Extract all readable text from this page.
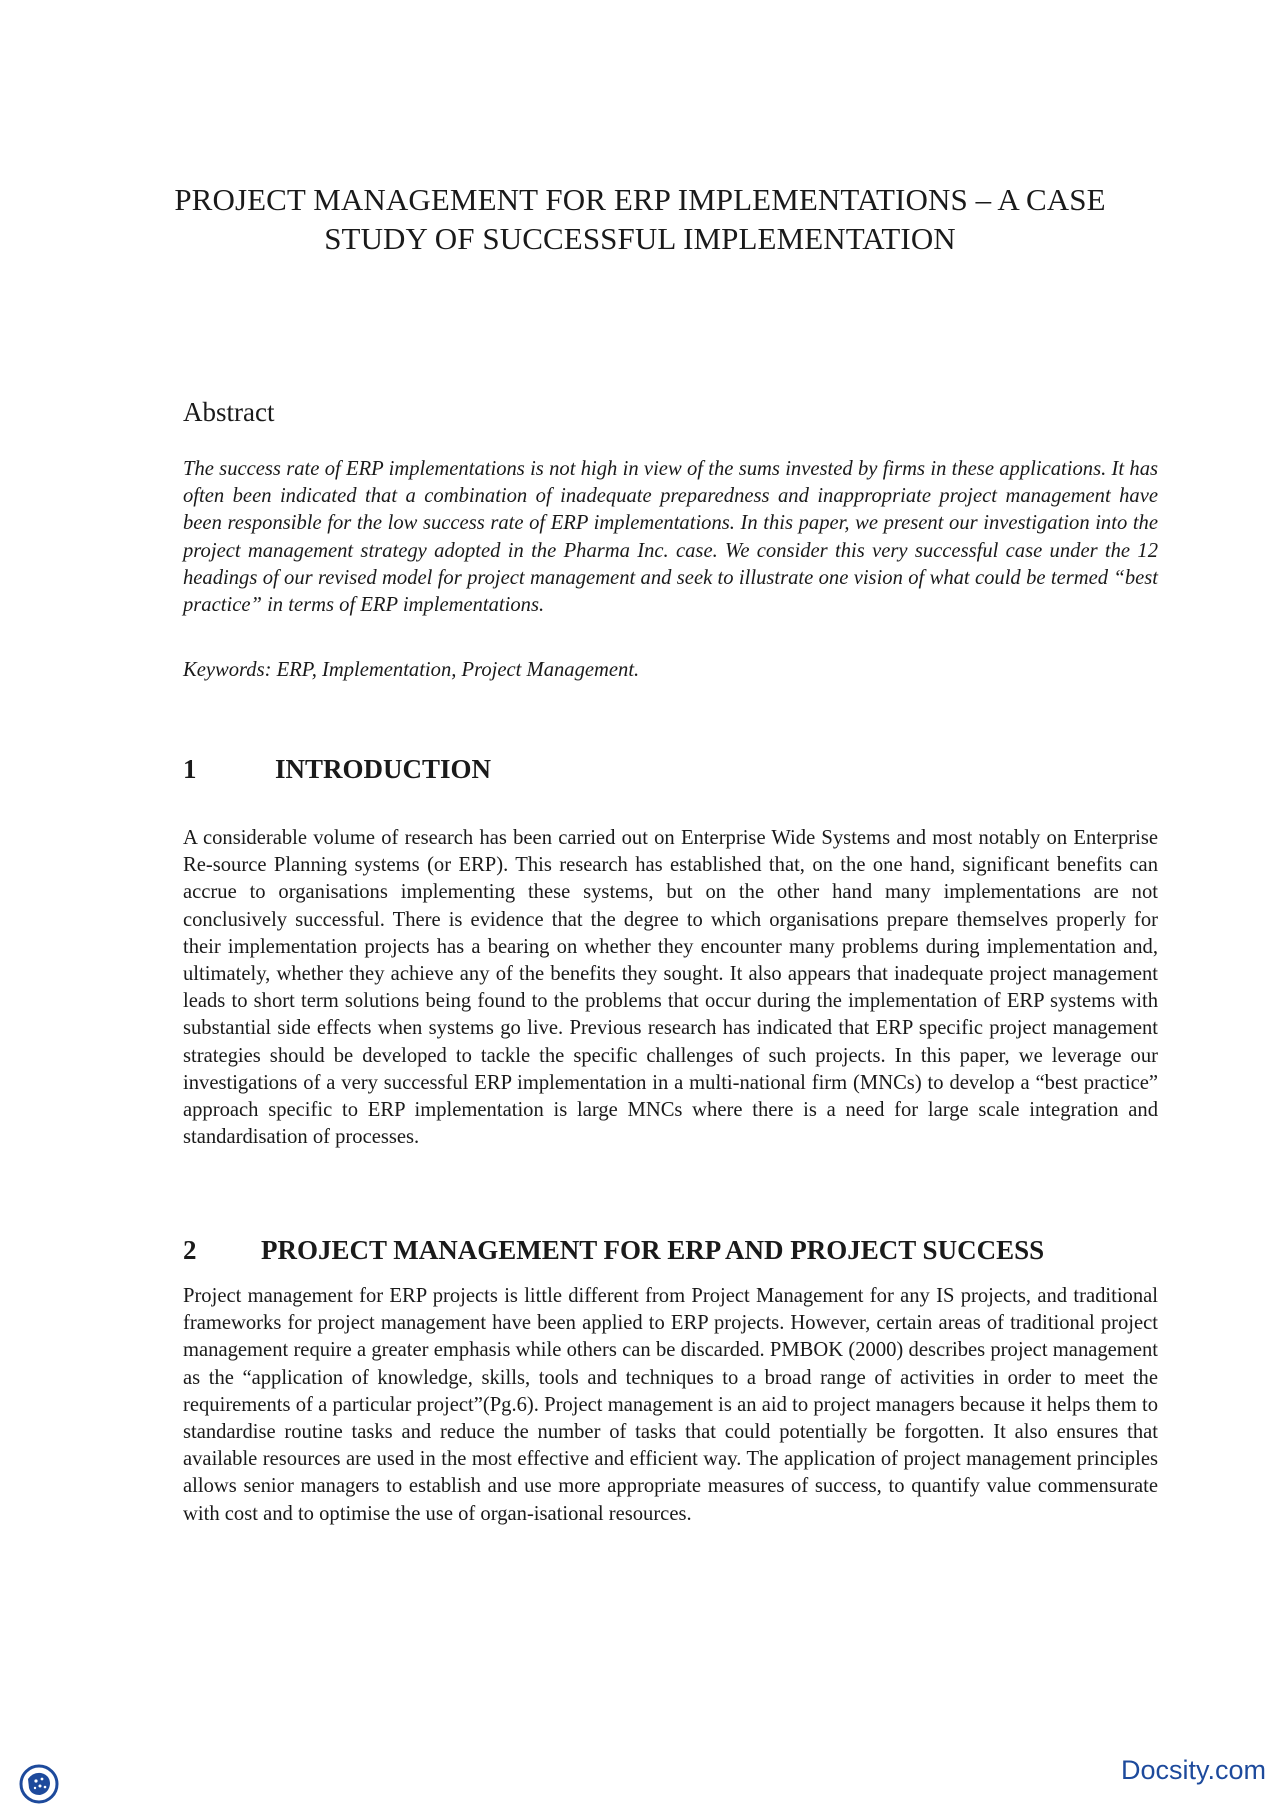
PROJECT MANAGEMENT FOR ERP IMPLEMENTATIONS – A CASE STUDY OF SUCCESSFUL IMPLEMENTATION
Abstract
The success rate of ERP implementations is not high in view of the sums invested by firms in these applications. It has often been indicated that a combination of inadequate preparedness and inappropriate project management have been responsible for the low success rate of ERP implementations. In this paper, we present our investigation into the project management strategy adopted in the Pharma Inc. case. We consider this very successful case under the 12 headings of our revised model for project management and seek to illustrate one vision of what could be termed “best practice” in terms of ERP implementations.
Keywords: ERP, Implementation, Project Management.
1	INTRODUCTION
A considerable volume of research has been carried out on Enterprise Wide Systems and most notably on Enterprise Re-source Planning systems (or ERP). This research has established that, on the one hand, significant benefits can accrue to organisations implementing these systems, but on the other hand many implementations are not conclusively successful. There is evidence that the degree to which organisations prepare themselves properly for their implementation projects has a bearing on whether they encounter many problems during implementation and, ultimately, whether they achieve any of the benefits they sought. It also appears that inadequate project management leads to short term solutions being found to the problems that occur during the implementation of ERP systems with substantial side effects when systems go live. Previous research has indicated that ERP specific project management strategies should be developed to tackle the specific challenges of such projects. In this paper, we leverage our investigations of a very successful ERP implementation in a multi-national firm (MNCs) to develop a “best practice” approach specific to ERP implementation is large MNCs where there is a need for large scale integration and standardisation of processes.
2 PROJECT MANAGEMENT FOR ERP AND PROJECT SUCCESS
Project management for ERP projects is little different from Project Management for any IS projects, and traditional frameworks for project management have been applied to ERP projects. However, certain areas of traditional project management require a greater emphasis while others can be discarded. PMBOK (2000) describes project management as the “application of knowledge, skills, tools and techniques to a broad range of activities in order to meet the requirements of a particular project”(Pg.6). Project management is an aid to project managers because it helps them to standardise routine tasks and reduce the number of tasks that could potentially be forgotten. It also ensures that available resources are used in the most effective and efficient way. The application of project management principles allows senior managers to establish and use more appropriate measures of success, to quantify value commensurate with cost and to optimise the use of organ-isational resources.
Docsity.com
